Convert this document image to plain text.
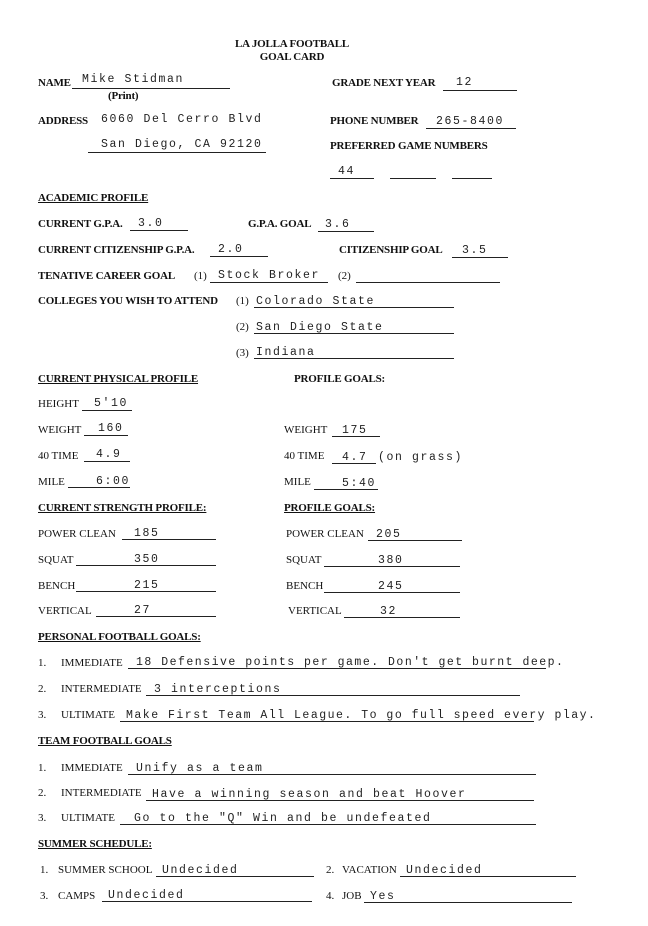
LA JOLLA FOOTBALL
GOAL CARD
NAME Mike Stidman
(Print)
GRADE NEXT YEAR 12
ADDRESS 6060 Del Cerro Blvd
San Diego, CA 92120
PHONE NUMBER 265-8400
PREFERRED GAME NUMBERS
44
ACADEMIC PROFILE
CURRENT G.P.A. 3.0	G.P.A. GOAL 3.6
CURRENT CITIZENSHIP G.P.A. 2.0	CITIZENSHIP GOAL 3.5
TENATIVE CAREER GOAL (1) Stock Broker (2)
COLLEGES YOU WISH TO ATTEND (1) Colorado State
(2) San Diego State
(3) Indiana
CURRENT PHYSICAL PROFILE	PROFILE GOALS:
HEIGHT 5'10
WEIGHT 160	WEIGHT 175
40 TIME 4.9	40 TIME 4.7 (on grass)
MILE	6:00	MILE	5:40
CURRENT STRENGTH PROFILE:	PROFILE GOALS:
POWER CLEAN 185	POWER CLEAN 205
SQUAT	350	SQUAT	380
BENCH	215	BENCH	245
VERTICAL	27	VERTICAL	32
PERSONAL FOOTBALL GOALS:
1. IMMEDIATE 18 Defensive points per game. Don't get burnt deep.
2. INTERMEDIATE 3 interceptions
3. ULTIMATE Make First Team All League. To go full speed every play.
TEAM FOOTBALL GOALS
1. IMMEDIATE Unify as a team
2. INTERMEDIATE Have a winning season and beat Hoover
3. ULTIMATE Go to the "Q" Win and be undefeated
SUMMER SCHEDULE:
1. SUMMER SCHOOL Undecided	2. VACATION Undecided
3. CAMPS Undecided	4. JOB Yes
